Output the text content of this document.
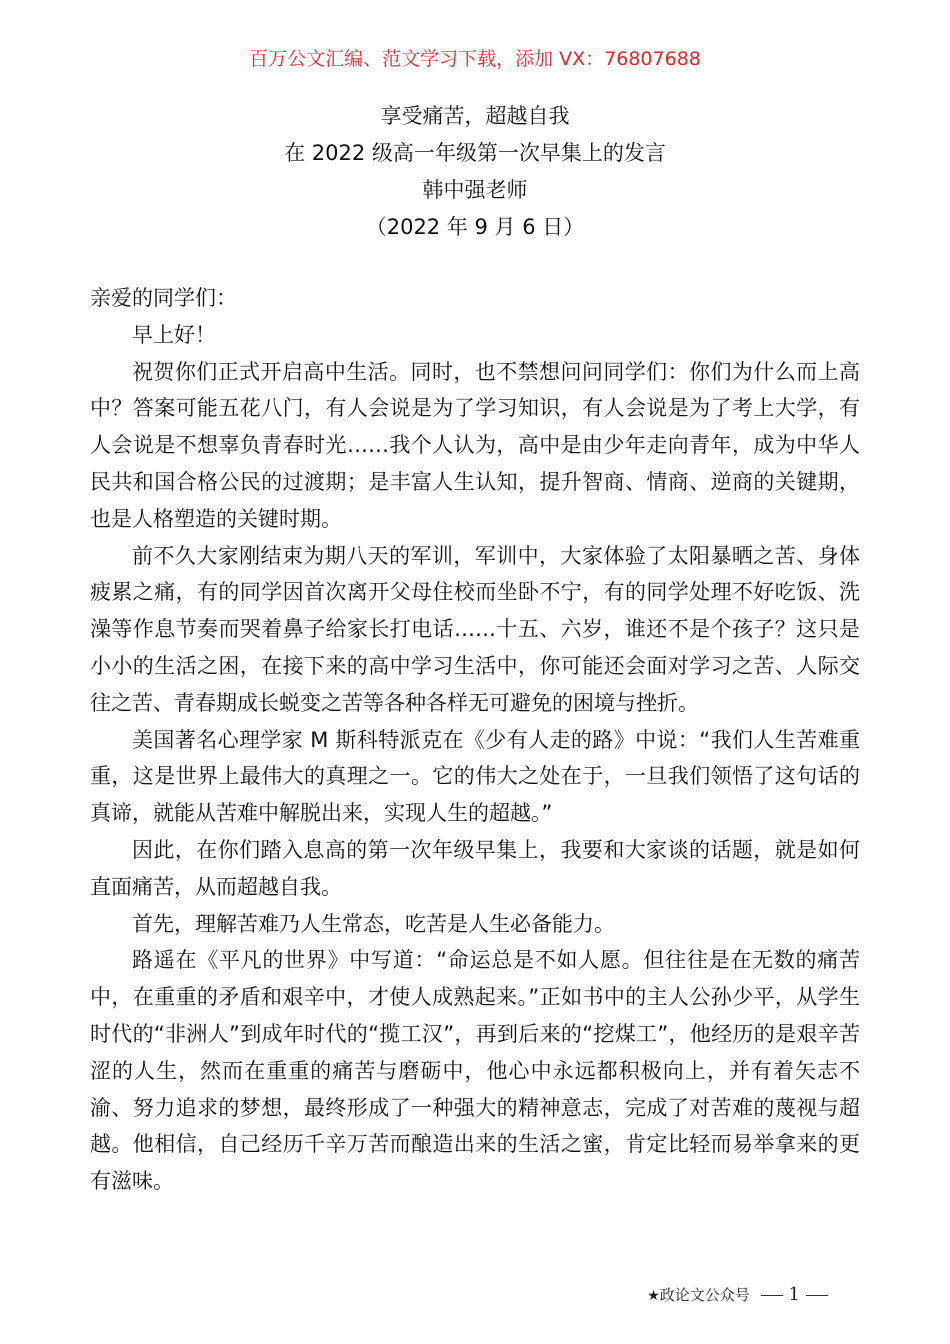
百万公文汇编、范文学习下载，添加 VX：76807688
享受痛苦，超越自我
在 2022 级高一年级第一次早集上的发言
韩中强老师
（2022 年 9 月 6 日）

亲爱的同学们：

早上好！

祝贺你们正式开启高中生活。同时，也不禁想问问同学们：你们为什么而上高中？答案可能五花八门，有人会说是为了学习知识，有人会说是为了考上大学，有人会说是不想辜负青春时光……我个人认为，高中是由少年走向青年，成为中华人民共和国合格公民的过渡期；是丰富人生认知，提升智商、情商、逆商的关键期，也是人格塑造的关键时期。

前不久大家刚结束为期八天的军训，军训中，大家体验了太阳暴晒之苦、身体疲累之痛，有的同学因首次离开父母住校而坐卧不宁，有的同学处理不好吃饭、洗澡等作息节奏而哭着鼻子给家长打电话……十五、六岁，谁还不是个孩子？这只是小小的生活之困，在接下来的高中学习生活中，你可能还会面对学习之苦、人际交往之苦、青春期成长蜕变之苦等各种各样无可避免的困境与挫折。

美国著名心理学家 M 斯科特派克在《少有人走的路》中说：“我们人生苦难重重，这是世界上最伟大的真理之一。它的伟大之处在于，一旦我们领悟了这句话的真谛，就能从苦难中解脱出来，实现人生的超越。”

因此，在你们踏入息高的第一次年级早集上，我要和大家谈的话题，就是如何直面痛苦，从而超越自我。

首先，理解苦难乃人生常态，吃苦是人生必备能力。

路遥在《平凡的世界》中写道：“命运总是不如人愿。但往往是在无数的痛苦中，在重重的矛盾和艰辛中，才使人成熟起来。”正如书中的主人公孙少平，从学生时代的“非洲人”到成年时代的“揽工汉”，再到后来的“挖煤工”，他经历的是艰辛苦涩的人生，然而在重重的痛苦与磨砺中，他心中永远都积极向上，并有着矢志不渝、努力追求的梦想，最终形成了一种强大的精神意志，完成了对苦难的蔑视与超越。他相信，自己经历千辛万苦而酿造出来的生活之蜜，肯定比轻而易举拿来的更有滋味。

★政论文公众号 1
